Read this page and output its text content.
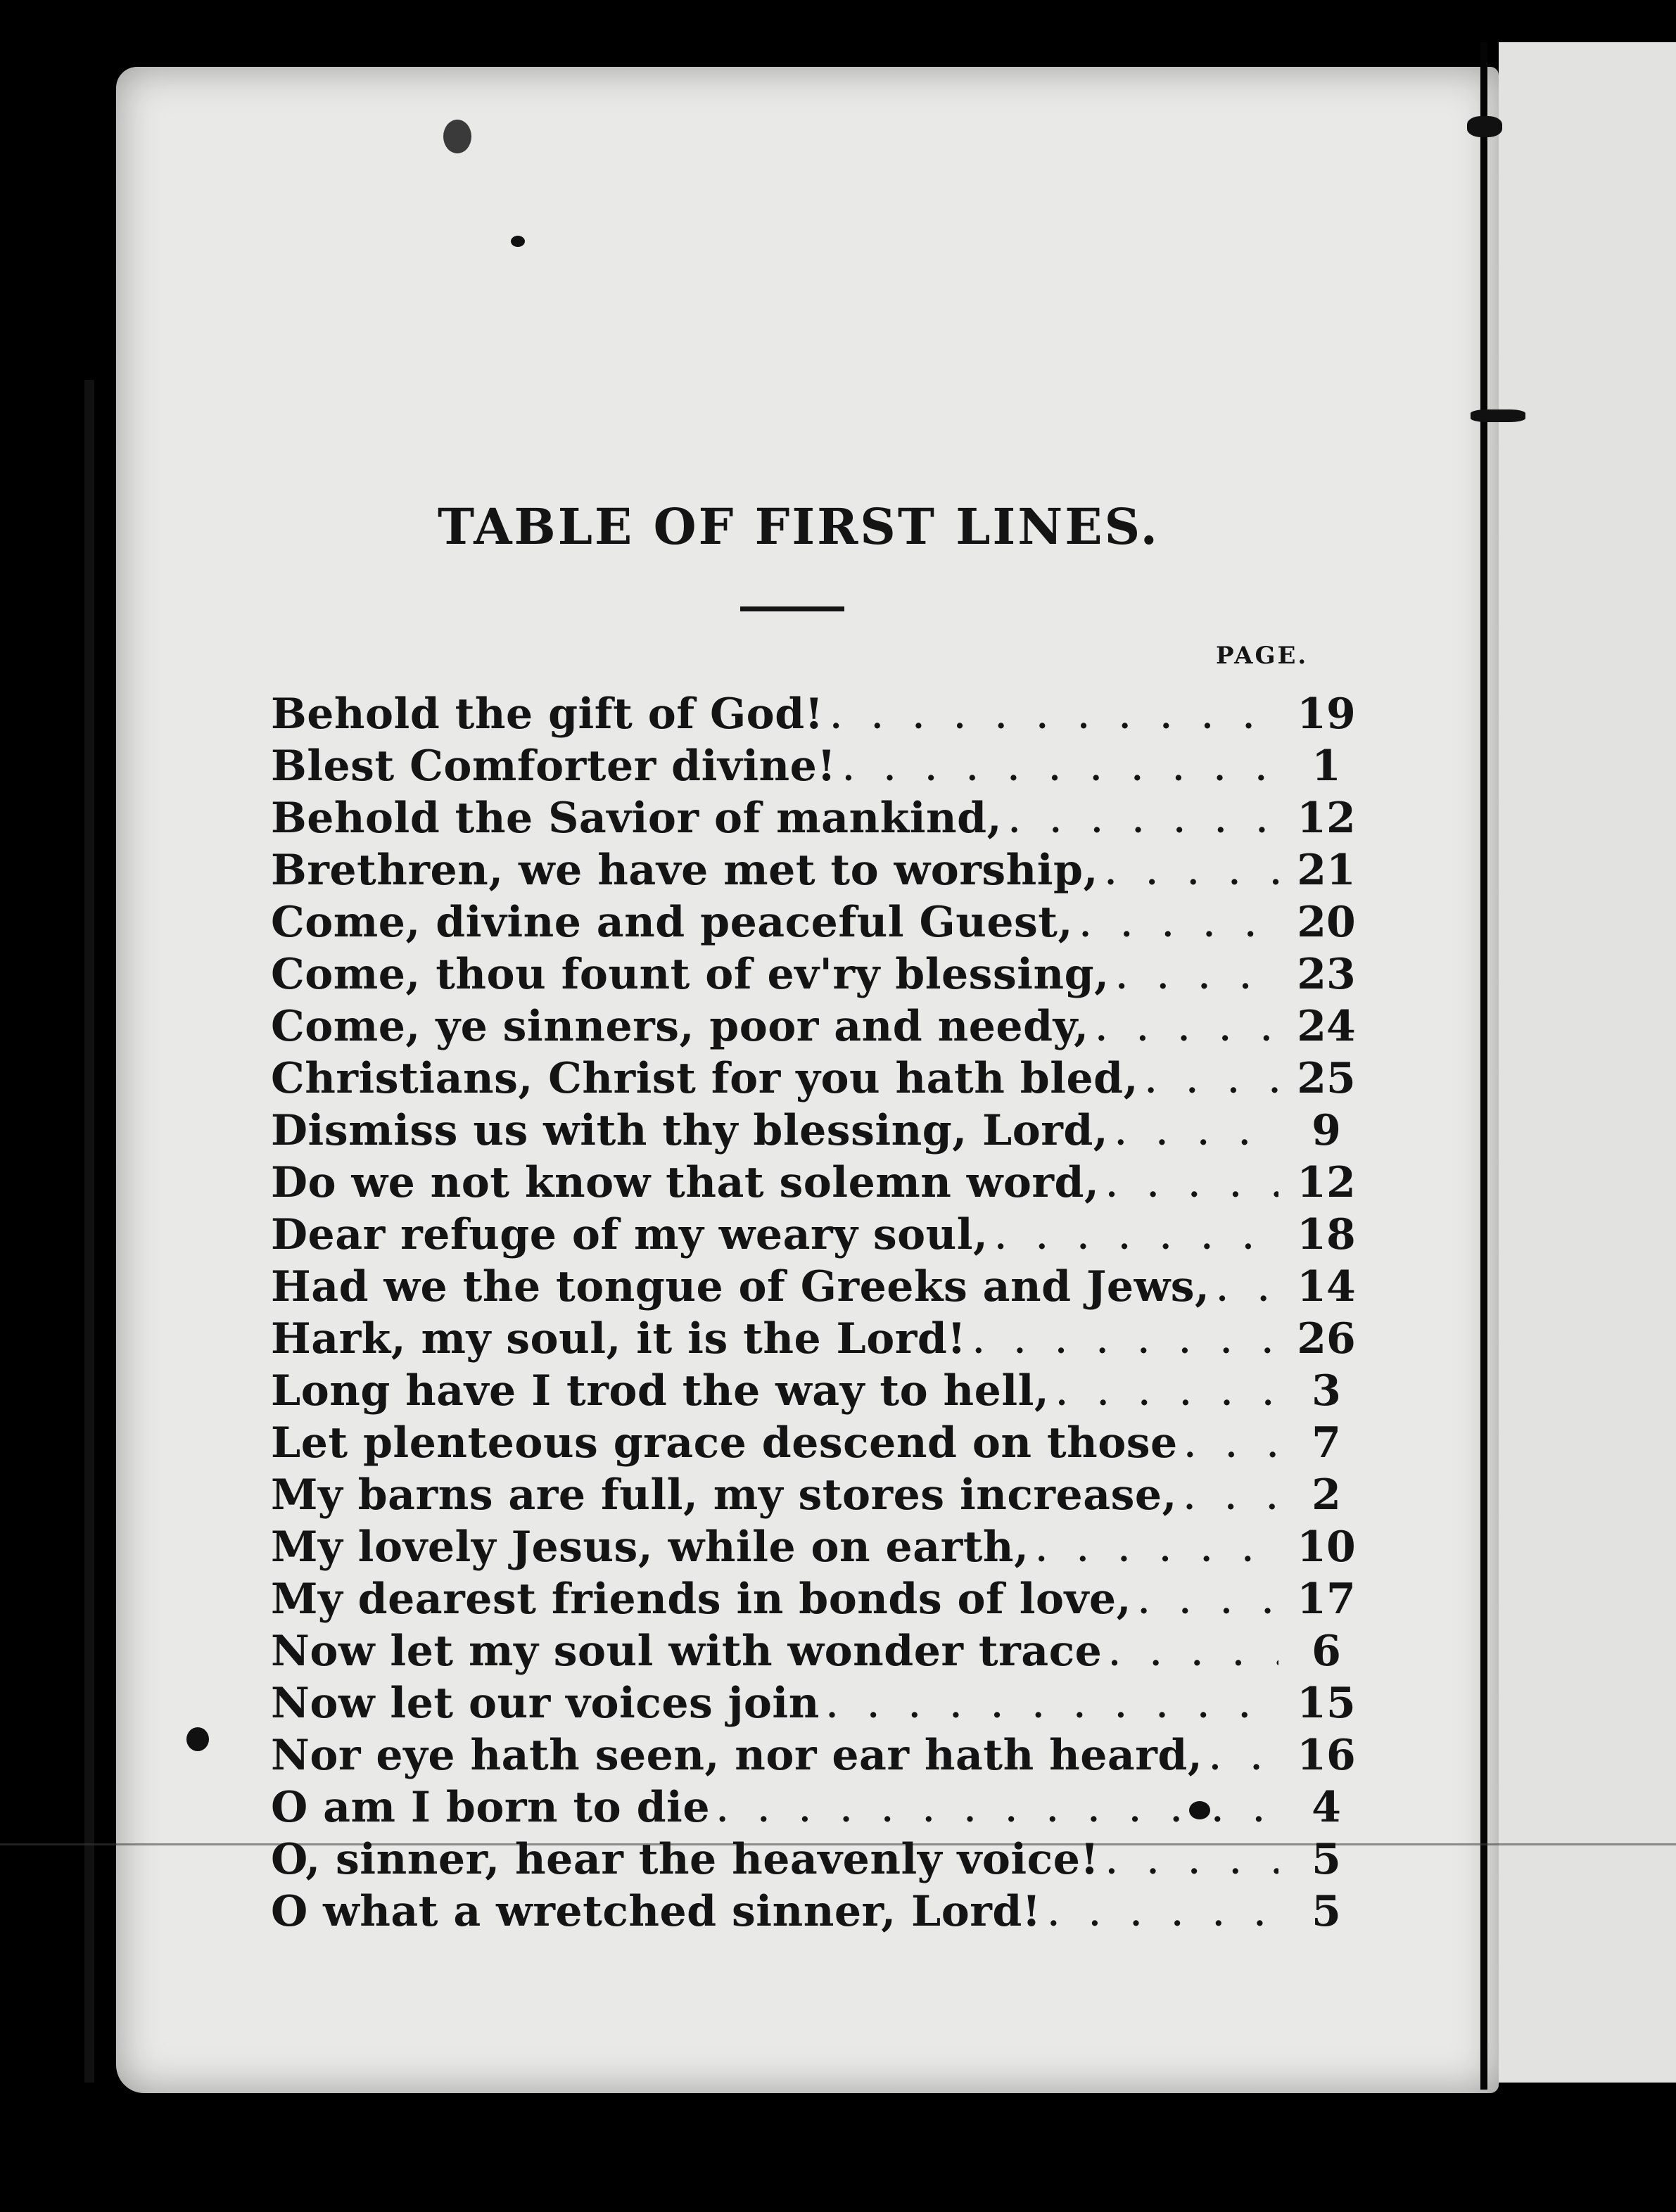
TABLE OF FIRST LINES.
PAGE.
Behold the gift of God! . . .	19
Blest Comforter divine! . . .	1
Behold the Savior of mankind, . . .	12
Brethren, we have met to worship, . . .	21
Come, divine and peaceful Guest, . . .	20
Come, thou fount of ev'ry blessing, . . .	23
Come, ye sinners, poor and needy, . . .	24
Christians, Christ for you hath bled, . . .	25
Dismiss us with thy blessing, Lord, . . .	9
Do we not know that solemn word, . . .	12
Dear refuge of my weary soul, . . .	18
Had we the tongue of Greeks and Jews, . . . 14
Hark, my soul, it is the Lord! . . .	26
Long have I trod the way to hell, . . .	3
Let plenteous grace descend on those . . .	7
My barns are full, my stores increase, . . .	2
My lovely Jesus, while on earth, . . .	10
My dearest friends in bonds of love, . . .	17
Now let my soul with wonder trace . . .	6
Now let our voices join . . .	15
Nor eye hath seen, nor ear hath heard, . . . 16
O am I born to die . . .	4
O, sinner, hear the heavenly voice! . . .	5
O what a wretched sinner, Lord! . . .	5
